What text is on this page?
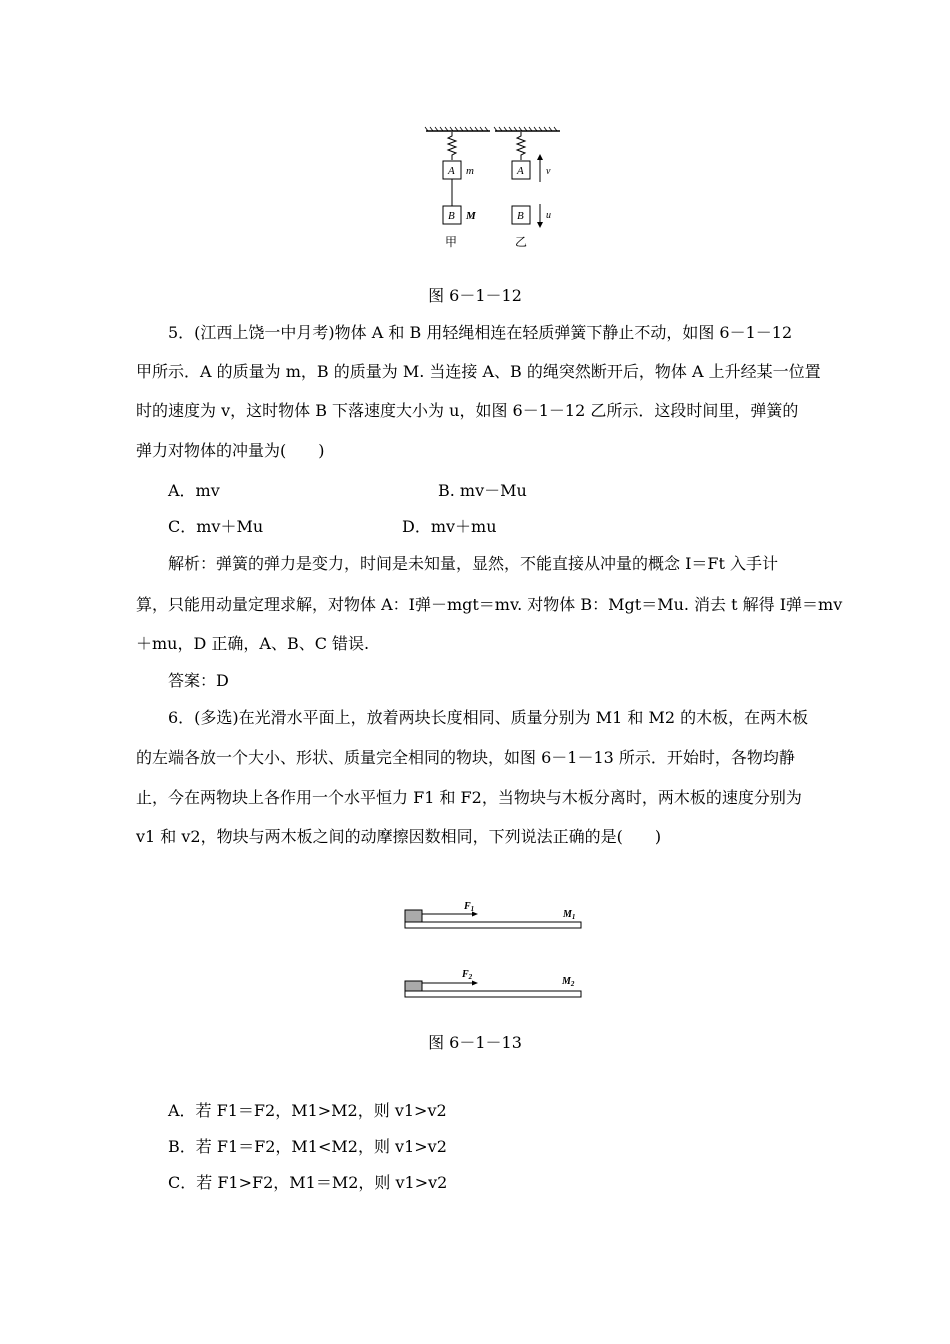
A m
B M
A v
B u
甲	乙
图 6－1－12
5．(江西上饶一中月考)物体 A 和 B 用轻绳相连在轻质弹簧下静止不动，如图 6－1－12
甲所示．A 的质量为 m，B 的质量为 M. 当连接 A、B 的绳突然断开后，物体 A 上升经某一位置
时的速度为 v，这时物体 B 下落速度大小为 u，如图 6－1－12 乙所示．这段时间里，弹簧的
弹力对物体的冲量为(　　)
A．mv	B. mv－Mu
C．mv＋Mu	D．mv＋mu
解析：弹簧的弹力是变力，时间是未知量，显然，不能直接从冲量的概念 I＝Ft 入手计
算，只能用动量定理求解，对物体 A：I弹－mgt＝mv. 对物体 B：Mgt＝Mu. 消去 t 解得 I弹＝mv
＋mu，D 正确，A、B、C 错误.
答案：D
6．(多选)在光滑水平面上，放着两块长度相同、质量分别为 M1 和 M2 的木板，在两木板
的左端各放一个大小、形状、质量完全相同的物块，如图 6－1－13 所示．开始时，各物均静
止，今在两物块上各作用一个水平恒力 F1 和 F2，当物块与木板分离时，两木板的速度分别为
v1 和 v2，物块与两木板之间的动摩擦因数相同，下列说法正确的是(　　)
$F_1$	$M_1$
$F_2$	$M_2$
图 6－1－13
A．若 F1＝F2，M1>M2，则 v1>v2
B．若 F1＝F2，M1<M2，则 v1>v2
C．若 F1>F2，M1＝M2，则 v1>v2
